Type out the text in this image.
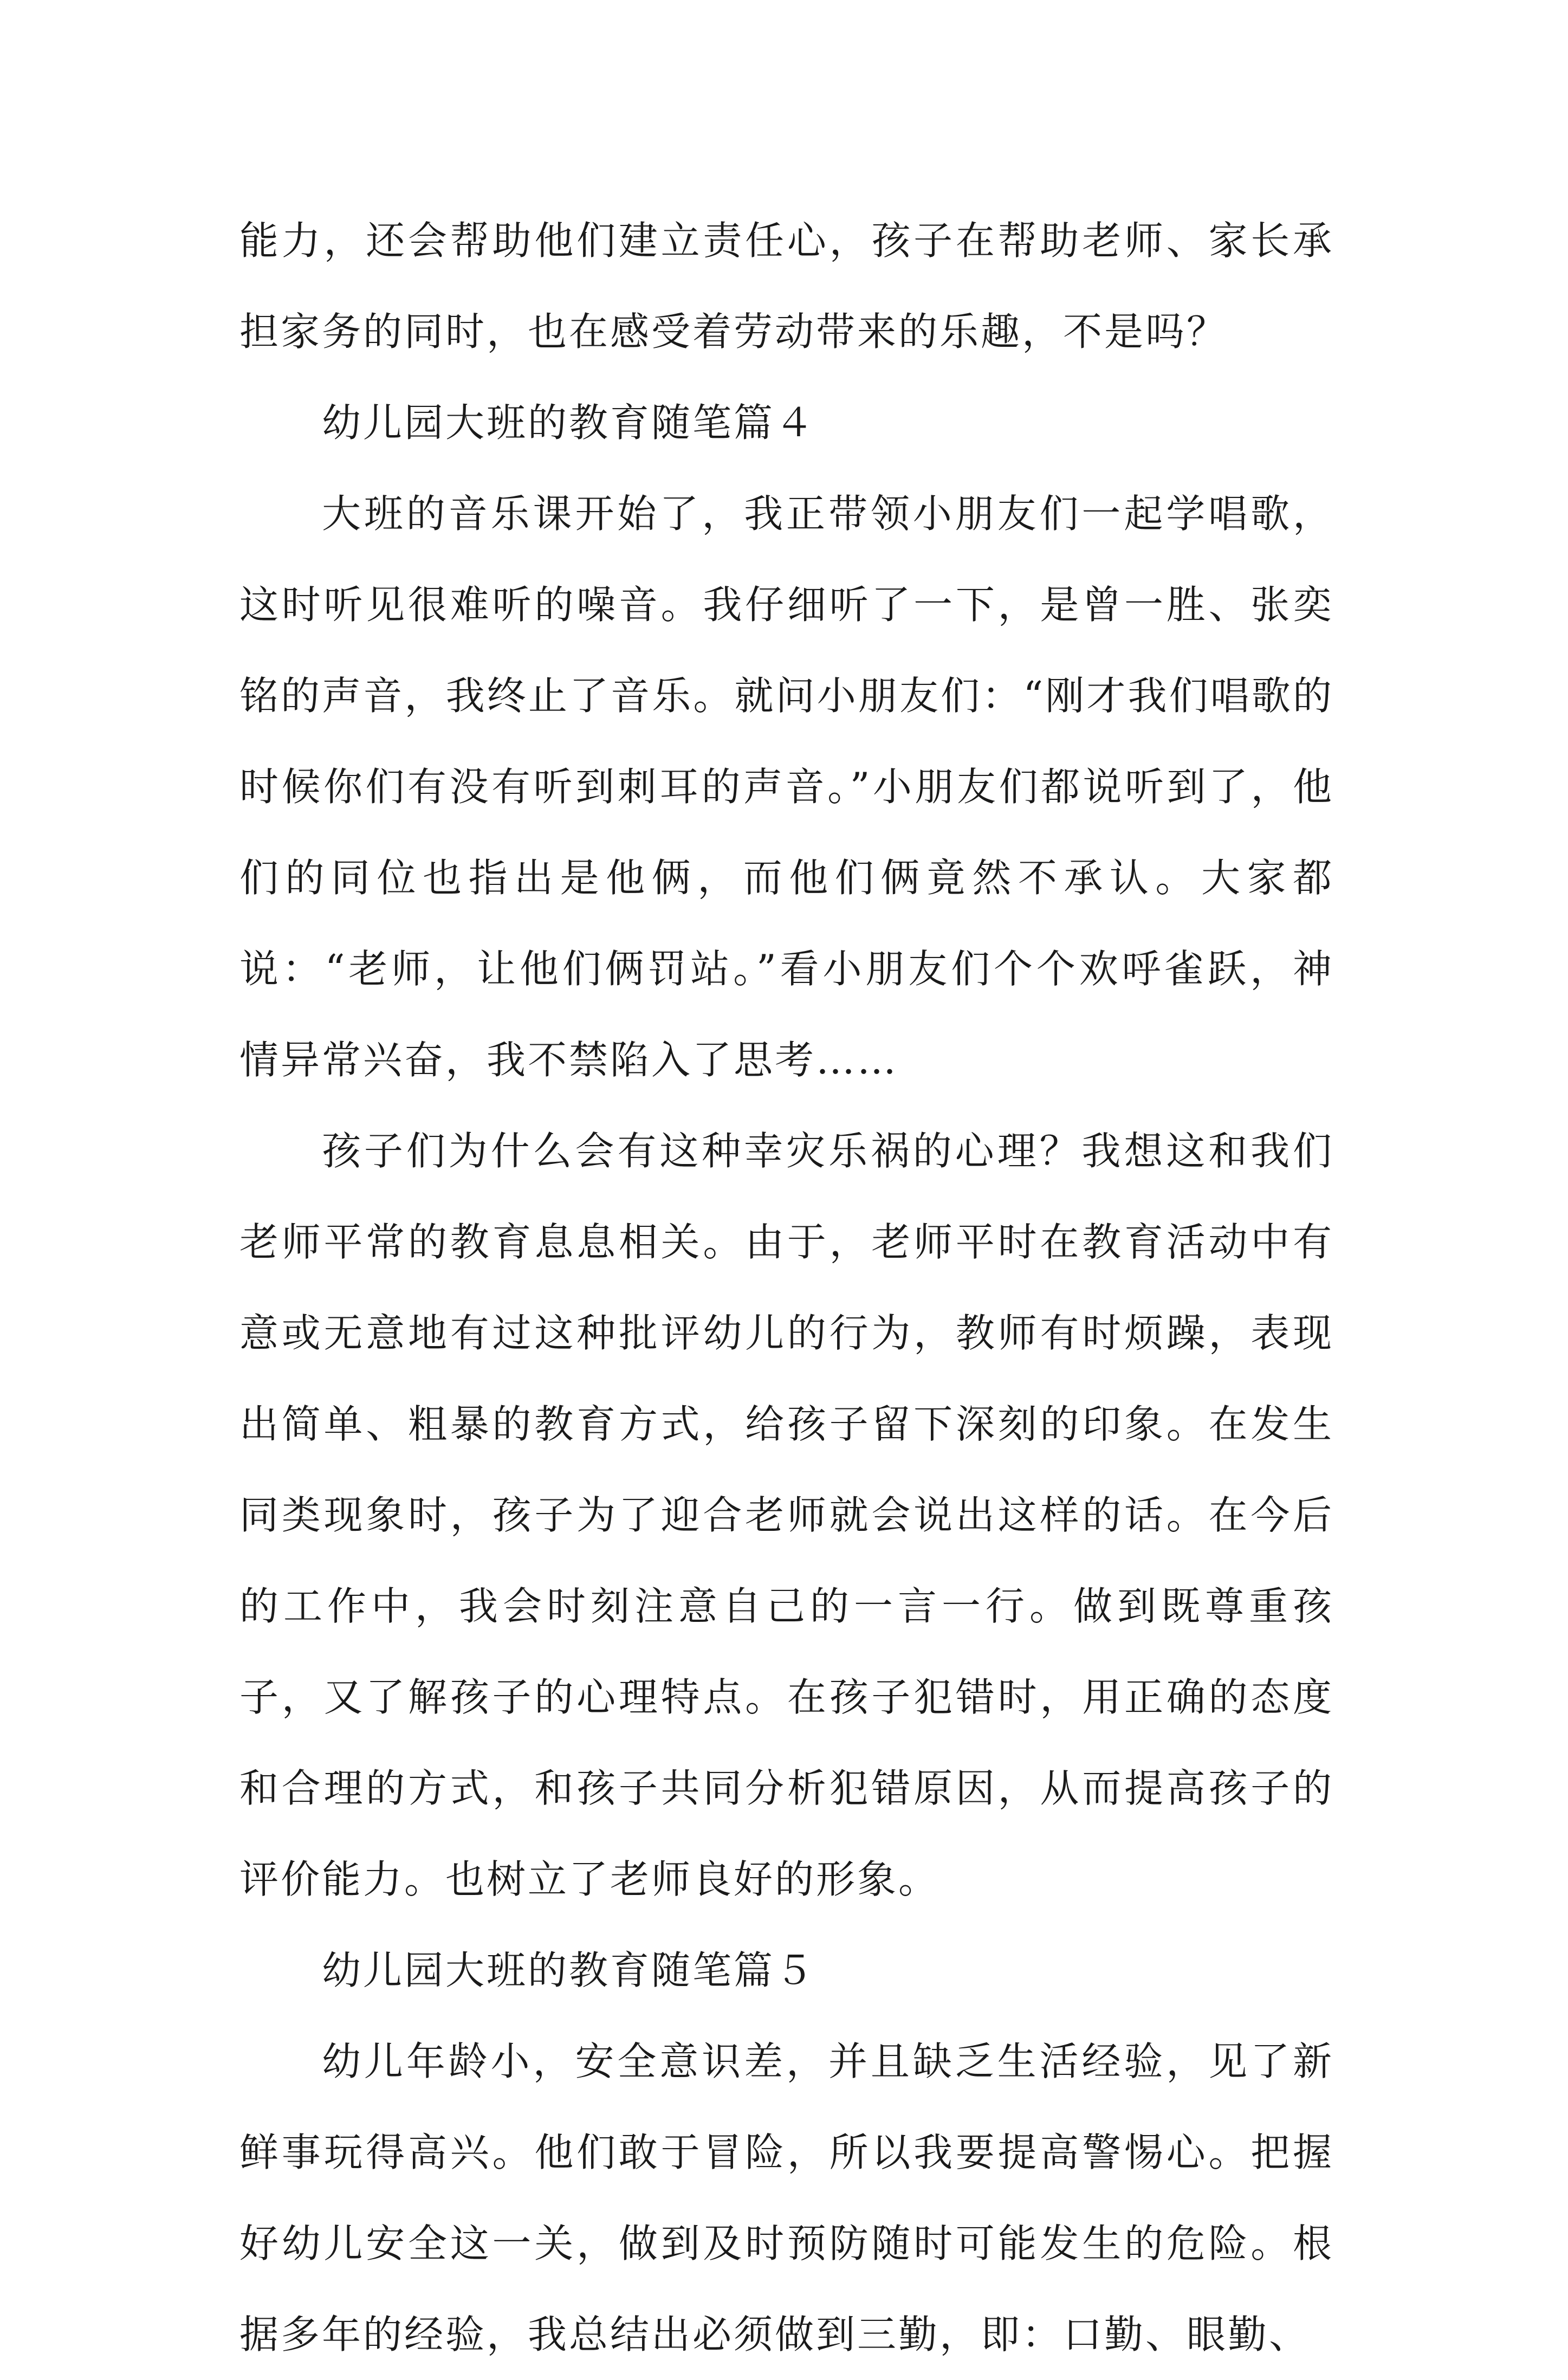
能力，还会帮助他们建立责任心，孩子在帮助老师、家长承担家务的同时，也在感受着劳动带来的乐趣，不是吗？

幼儿园大班的教育随笔篇４

大班的音乐课开始了，我正带领小朋友们一起学唱歌，这时听见很难听的噪音。我仔细听了一下，是曾一胜、张奕铭的声音，我终止了音乐。就问小朋友们：“刚才我们唱歌的时候你们有没有听到刺耳的声音。”小朋友们都说听到了，他们的同位也指出是他俩，而他们俩竟然不承认。大家都说：“老师，让他们俩罚站。”看小朋友们个个欢呼雀跃，神情异常兴奋，我不禁陷入了思考……

孩子们为什么会有这种幸灾乐祸的心理？我想这和我们老师平常的教育息息相关。由于，老师平时在教育活动中有意或无意地有过这种批评幼儿的行为，教师有时烦躁，表现出简单、粗暴的教育方式，给孩子留下深刻的印象。在发生同类现象时，孩子为了迎合老师就会说出这样的话。在今后的工作中，我会时刻注意自己的一言一行。做到既尊重孩子，又了解孩子的心理特点。在孩子犯错时，用正确的态度和合理的方式，和孩子共同分析犯错原因，从而提高孩子的评价能力。也树立了老师良好的形象。

幼儿园大班的教育随笔篇５

幼儿年龄小，安全意识差，并且缺乏生活经验，见了新鲜事玩得高兴。他们敢于冒险，所以我要提高警惕心。把握好幼儿安全这一关，做到及时预防随时可能发生的危险。根据多年的经验，我总结出必须做到三勤，即：口勤、眼勤、
